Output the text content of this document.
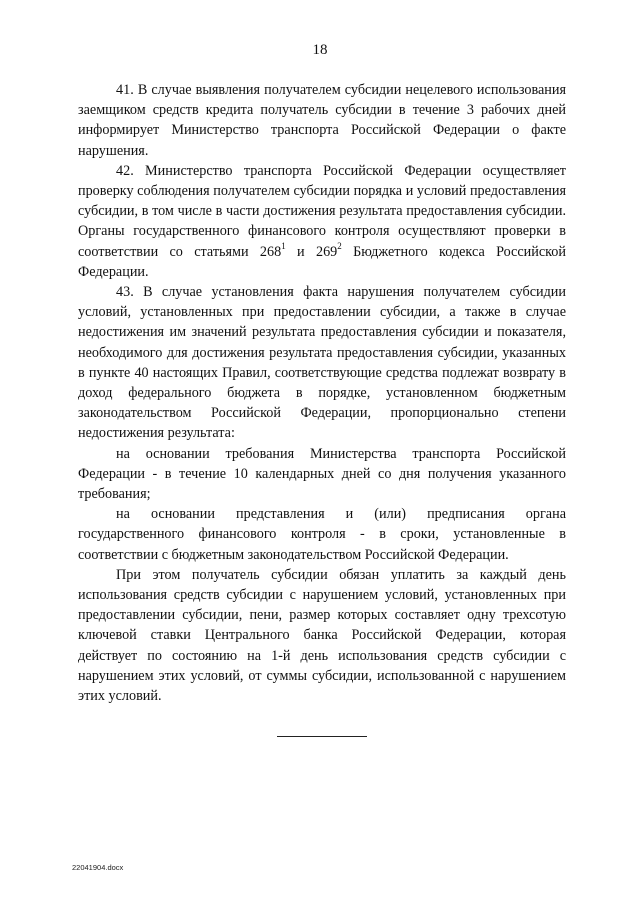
18

41. В случае выявления получателем субсидии нецелевого использования заемщиком средств кредита получатель субсидии в течение 3 рабочих дней информирует Министерство транспорта Российской Федерации о факте нарушения.

42. Министерство транспорта Российской Федерации осуществляет проверку соблюдения получателем субсидии порядка и условий предоставления субсидии, в том числе в части достижения результата предоставления субсидии. Органы государственного финансового контроля осуществляют проверки в соответствии со статьями $268^1$ и $269^2$ Бюджетного кодекса Российской Федерации.

43. В случае установления факта нарушения получателем субсидии условий, установленных при предоставлении субсидии, а также в случае недостижения им значений результата предоставления субсидии и показателя, необходимого для достижения результата предоставления субсидии, указанных в пункте 40 настоящих Правил, соответствующие средства подлежат возврату в доход федерального бюджета в порядке, установленном бюджетным законодательством Российской Федерации, пропорционально степени недостижения результата:

на основании требования Министерства транспорта Российской Федерации - в течение 10 календарных дней со дня получения указанного требования;

на основании представления и (или) предписания органа государственного финансового контроля - в сроки, установленные в соответствии с бюджетным законодательством Российской Федерации.

При этом получатель субсидии обязан уплатить за каждый день использования средств субсидии с нарушением условий, установленных при предоставлении субсидии, пени, размер которых составляет одну трехсотую ключевой ставки Центрального банка Российской Федерации, которая действует по состоянию на 1-й день использования средств субсидии с нарушением этих условий, от суммы субсидии, использованной с нарушением этих условий.

22041904.docx
